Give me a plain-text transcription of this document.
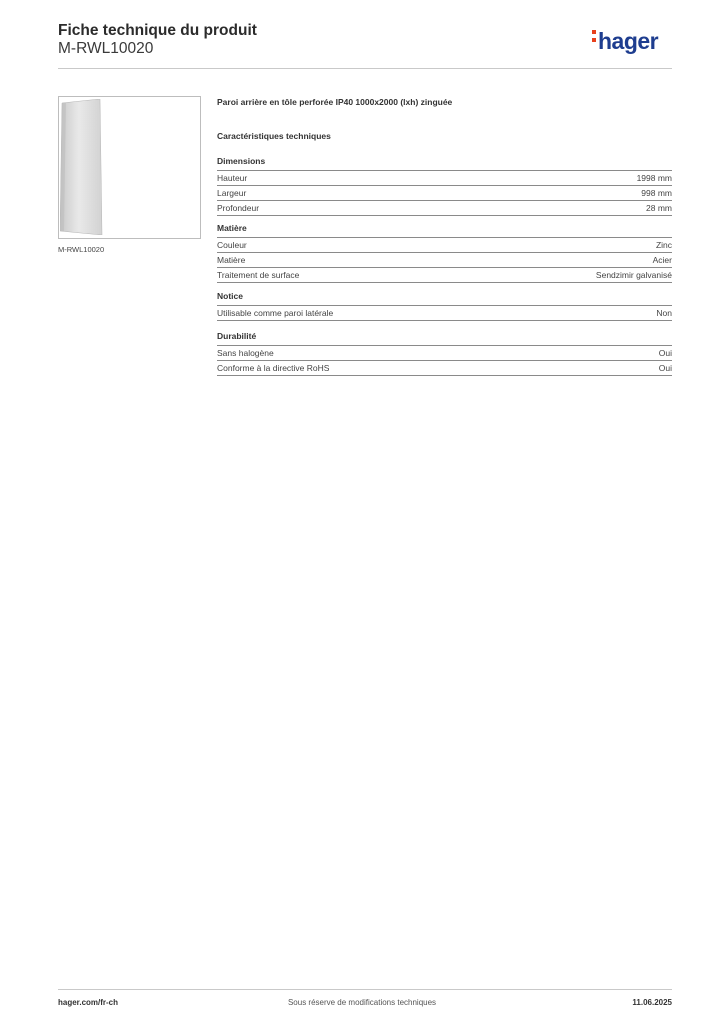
Fiche technique du produit
M-RWL10020	hager
M-RWL10020
Paroi arrière en tôle perforée IP40 1000x2000 (lxh) zinguée
Caractéristiques techniques
Dimensions
Hauteur	1998 mm
Largeur	998 mm
Profondeur	28 mm
Matière
Couleur	Zinc
Matière	Acier
Traitement de surface	Sendzimir galvanisé
Notice
Utilisable comme paroi latérale	Non
Durabilité
Sans halogène	Oui
Conforme à la directive RoHS	Oui
hager.com/fr-ch	Sous réserve de modifications techniques	11.06.2025
